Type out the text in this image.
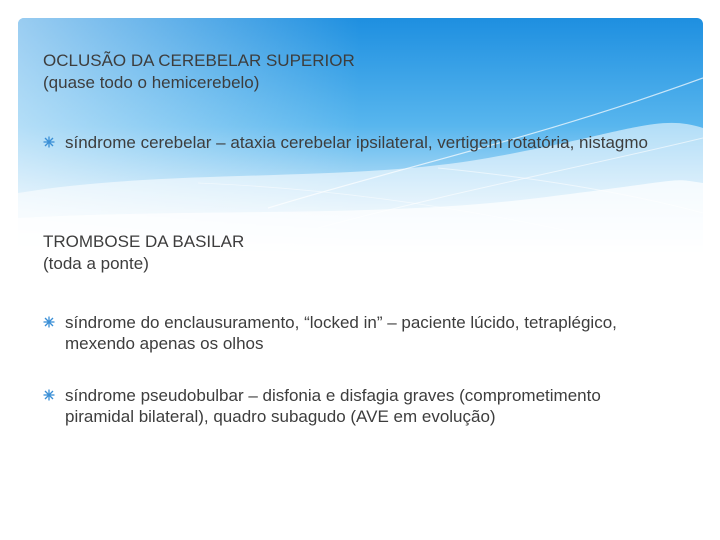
OCLUSÃO DA CEREBELAR SUPERIOR
(quase todo o hemicerebelo)
síndrome cerebelar – ataxia cerebelar ipsilateral, vertigem rotatória, nistagmo
TROMBOSE DA BASILAR
(toda a ponte)
síndrome do enclausuramento, “locked in” – paciente lúcido, tetraplégico, mexendo apenas os olhos
síndrome pseudobulbar – disfonia e disfagia graves (comprometimento piramidal bilateral), quadro subagudo (AVE em evolução)
